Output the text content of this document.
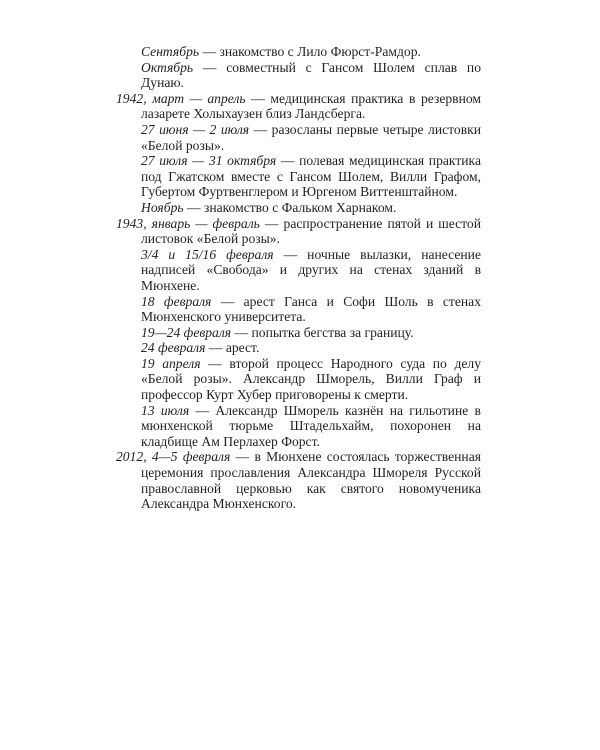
Сентябрь — знакомство с Лило Фюрст-Рамдор.

Октябрь — совместный с Гансом Шолем сплав по Дунаю.

1942, март — апрель — медицинская практика в резервном лазарете Холыхаузен близ Ландсберга.

27 июня — 2 июля — разосланы первые четыре листовки «Белой розы».

27 июля — 31 октября — полевая медицинская практика под Гжатском вместе с Гансом Шолем, Вилли Графом, Губертом Фуртвенглером и Юргеном Виттенштайном.

Ноябрь — знакомство с Фальком Харнаком.

1943, январь — февраль — распространение пятой и шестой листовок «Белой розы».

3/4 и 15/16 февраля — ночные вылазки, нанесение надписей «Свобода» и других на стенах зданий в Мюнхене.

18 февраля — арест Ганса и Софи Шоль в стенах Мюнхенского университета.

19—24 февраля — попытка бегства за границу.

24 февраля — арест.

19 апреля — второй процесс Народного суда по делу «Белой розы». Александр Шморель, Вилли Граф и профессор Курт Хубер приговорены к смерти.

13 июля — Александр Шморель казнён на гильотине в мюнхенской тюрьме Штадельхайм, похоронен на кладбище Ам Перлахер Форст.

2012, 4—5 февраля — в Мюнхене состоялась торжественная церемония прославления Александра Шмореля Русской православной церковью как святого новомученика Александра Мюнхенского.
